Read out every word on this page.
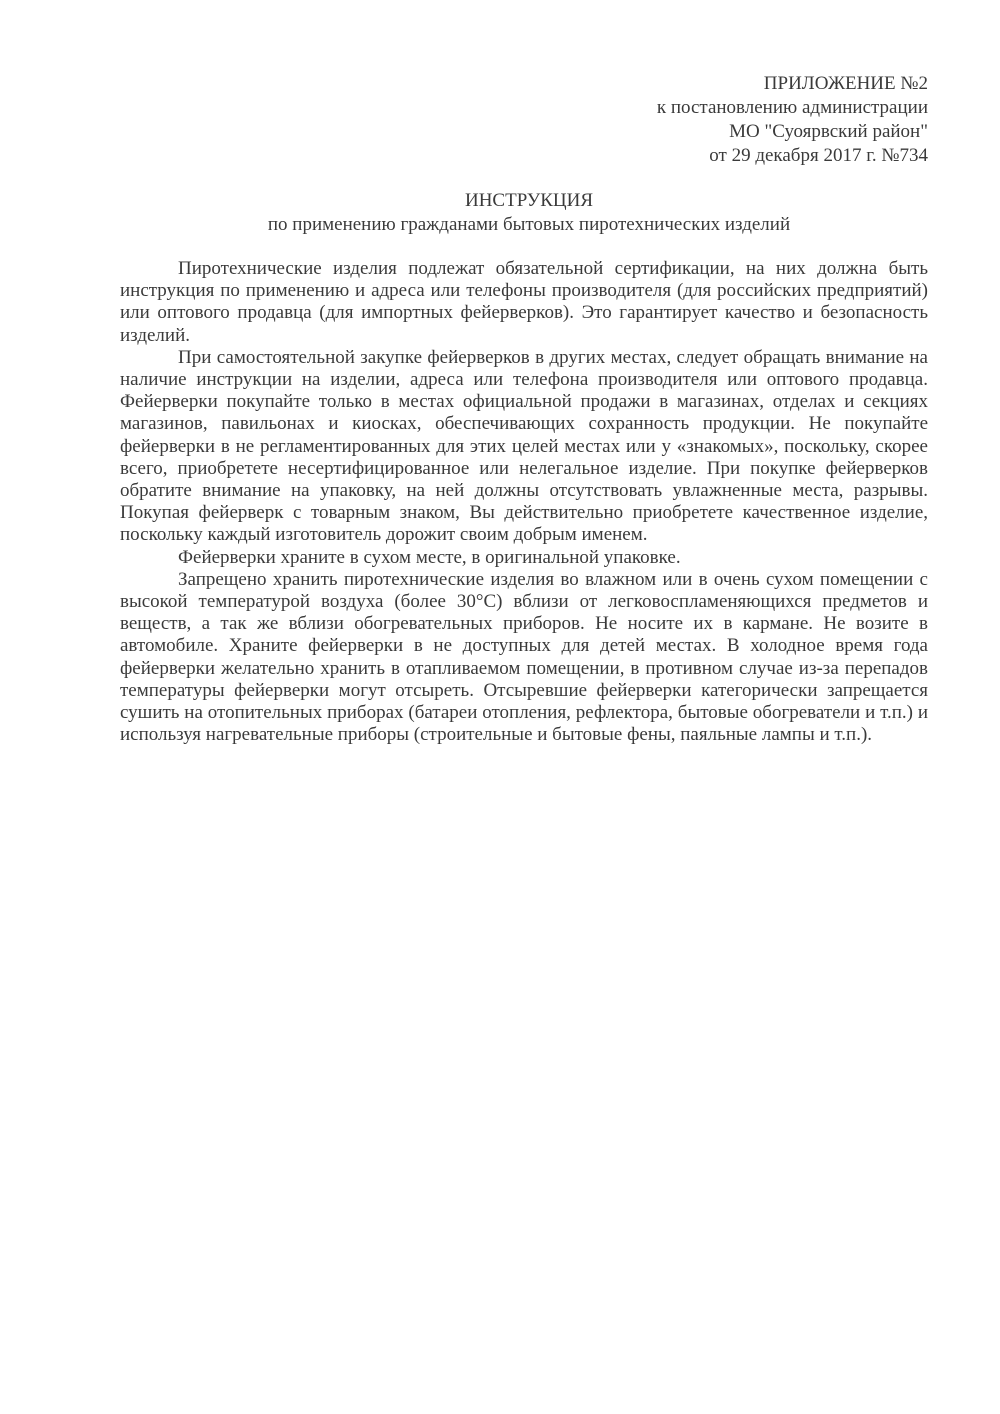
ПРИЛОЖЕНИЕ №2
к постановлению администрации
МО "Суоярвский район"
от 29 декабря 2017 г. №734
ИНСТРУКЦИЯ
по применению гражданами бытовых пиротехнических изделий

Пиротехнические изделия подлежат обязательной сертификации, на них должна быть инструкция по применению и адреса или телефоны производителя (для российских предприятий) или оптового продавца (для импортных фейерверков). Это гарантирует качество и безопасность изделий.

При самостоятельной закупке фейерверков в других местах, следует обращать внимание на наличие инструкции на изделии, адреса или телефона производителя или оптового продавца. Фейерверки покупайте только в местах официальной продажи в магазинах, отделах и секциях магазинов, павильонах и киосках, обеспечивающих сохранность продукции. Не покупайте фейерверки в не регламентированных для этих целей местах или у «знакомых», поскольку, скорее всего, приобретете несертифицированное или нелегальное изделие. При покупке фейерверков обратите внимание на упаковку, на ней должны отсутствовать увлажненные места, разрывы. Покупая фейерверк с товарным знаком, Вы действительно приобретете качественное изделие, поскольку каждый изготовитель дорожит своим добрым именем.

Фейерверки храните в сухом месте, в оригинальной упаковке.

Запрещено хранить пиротехнические изделия во влажном или в очень сухом помещении с высокой температурой воздуха (более 30°С) вблизи от легковоспламеняющихся предметов и веществ, а так же вблизи обогревательных приборов. Не носите их в кармане. Не возите в автомобиле. Храните фейерверки в не доступных для детей местах. В холодное время года фейерверки желательно хранить в отапливаемом помещении, в противном случае из-за перепадов температуры фейерверки могут отсыреть. Отсыревшие фейерверки категорически запрещается сушить на отопительных приборах (батареи отопления, рефлектора, бытовые обогреватели и т.п.) и используя нагревательные приборы (строительные и бытовые фены, паяльные лампы и т.п.).
